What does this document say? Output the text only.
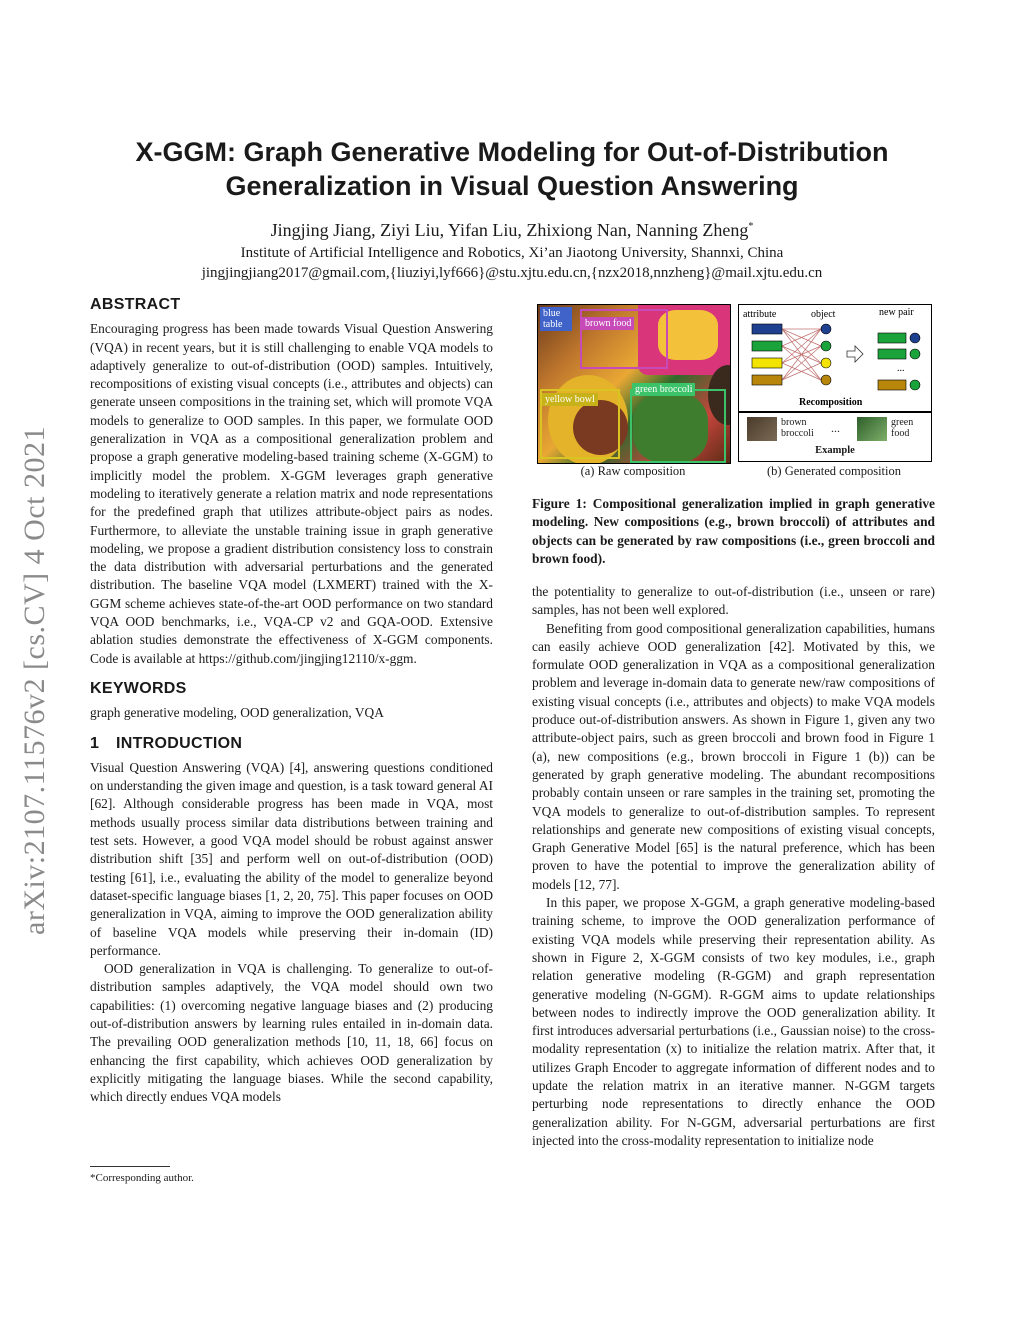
arXiv:2107.11576v2 [cs.CV] 4 Oct 2021
X-GGM: Graph Generative Modeling for Out-of-Distribution Generalization in Visual Question Answering
Jingjing Jiang, Ziyi Liu, Yifan Liu, Zhixiong Nan, Nanning Zheng*
Institute of Artificial Intelligence and Robotics, Xi’an Jiaotong University, Shannxi, China
jingjingjiang2017@gmail.com,{liuziyi,lyf666}@stu.xjtu.edu.cn,{nzx2018,nnzheng}@mail.xjtu.edu.cn
ABSTRACT

Encouraging progress has been made towards Visual Question Answering (VQA) in recent years, but it is still challenging to enable VQA models to adaptively generalize to out-of-distribution (OOD) samples. Intuitively, recompositions of existing visual concepts (i.e., attributes and objects) can generate unseen compositions in the training set, which will promote VQA models to generalize to OOD samples. In this paper, we formulate OOD generalization in VQA as a compositional generalization problem and propose a graph generative modeling-based training scheme (X-GGM) to implicitly model the problem. X-GGM leverages graph generative modeling to iteratively generate a relation matrix and node representations for the predefined graph that utilizes attribute-object pairs as nodes. Furthermore, to alleviate the unstable training issue in graph generative modeling, we propose a gradient distribution consistency loss to constrain the data distribution with adversarial perturbations and the generated distribution. The baseline VQA model (LXMERT) trained with the X-GGM scheme achieves state-of-the-art OOD performance on two standard VQA OOD benchmarks, i.e., VQA-CP v2 and GQA-OOD. Extensive ablation studies demonstrate the effectiveness of X-GGM components. Code is available at https://github.com/jingjing12110/x-ggm.

KEYWORDS

graph generative modeling, OOD generalization, VQA

1 INTRODUCTION

Visual Question Answering (VQA) [4], answering questions conditioned on understanding the given image and question, is a task toward general AI [62]. Although considerable progress has been made in VQA, most methods usually process similar data distributions between training and test sets. However, a good VQA model should be robust against answer distribution shift [35] and perform well on out-of-distribution (OOD) testing [61], i.e., evaluating the ability of the model to generalize beyond dataset-specific language biases [1, 2, 20, 75]. This paper focuses on OOD generalization in VQA, aiming to improve the OOD generalization ability of baseline VQA models while preserving their in-domain (ID) performance.

OOD generalization in VQA is challenging. To generalize to out-of-distribution samples adaptively, the VQA model should own two capabilities: (1) overcoming negative language biases and (2) producing out-of-distribution answers by learning rules entailed in in-domain data. The prevailing OOD generalization methods [10, 11, 18, 66] focus on enhancing the first capability, which achieves OOD generalization by explicitly mitigating the language biases. While the second capability, which directly endues VQA models

*Corresponding author.
blue table	brown food
green broccoli
yellow bowl
(a) Raw composition
attribute	object	new pair
...
Recomposition
brown broccoli	...	green food
Example
(b) Generated composition
Figure 1: Compositional generalization implied in graph generative modeling. New compositions (e.g., brown broccoli) of attributes and objects can be generated by raw compositions (i.e., green broccoli and brown food).

the potentiality to generalize to out-of-distribution (i.e., unseen or rare) samples, has not been well explored.

Benefiting from good compositional generalization capabilities, humans can easily achieve OOD generalization [42]. Motivated by this, we formulate OOD generalization in VQA as a compositional generalization problem and leverage in-domain data to generate new/raw compositions of existing visual concepts (i.e., attributes and objects) to make VQA models produce out-of-distribution answers. As shown in Figure 1, given any two attribute-object pairs, such as green broccoli and brown food in Figure 1 (a), new compositions (e.g., brown broccoli in Figure 1 (b)) can be generated by graph generative modeling. The abundant recompositions probably contain unseen or rare samples in the training set, promoting the VQA models to generalize to out-of-distribution samples. To represent relationships and generate new compositions of existing visual concepts, Graph Generative Model [65] is the natural preference, which has been proven to have the potential to improve the generalization ability of models [12, 77].

In this paper, we propose X-GGM, a graph generative modeling-based training scheme, to improve the OOD generalization performance of existing VQA models while preserving their representation ability. As shown in Figure 2, X-GGM consists of two key modules, i.e., graph relation generative modeling (R-GGM) and graph representation generative modeling (N-GGM). R-GGM aims to update relationships between nodes to indirectly improve the OOD generalization ability. It first introduces adversarial perturbations (i.e., Gaussian noise) to the cross-modality representation (x) to initialize the relation matrix. After that, it utilizes Graph Encoder to aggregate information of different nodes and to update the relation matrix in an iterative manner. N-GGM targets perturbing node representations to directly enhance the OOD generalization ability. For N-GGM, adversarial perturbations are first injected into the cross-modality representation to initialize node
